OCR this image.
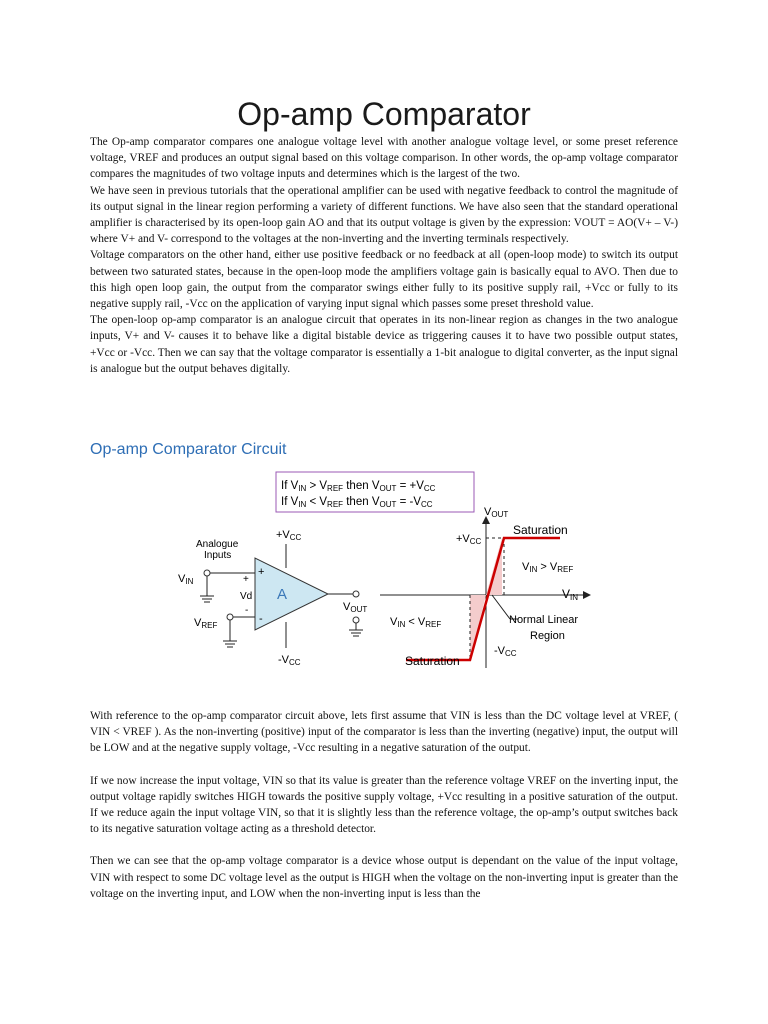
Op-amp Comparator

The Op-amp comparator compares one analogue voltage level with another analogue voltage level, or some preset reference voltage, VREF and produces an output signal based on this voltage comparison. In other words, the op-amp voltage comparator compares the magnitudes of two voltage inputs and determines which is the largest of the two.

We have seen in previous tutorials that the operational amplifier can be used with negative feedback to control the magnitude of its output signal in the linear region performing a variety of different functions. We have also seen that the standard operational amplifier is characterised by its open-loop gain AO and that its output voltage is given by the expression: VOUT = AO(V+ – V-) where V+ and V- correspond to the voltages at the non-inverting and the inverting terminals respectively.

Voltage comparators on the other hand, either use positive feedback or no feedback at all (open-loop mode) to switch its output between two saturated states, because in the open-loop mode the amplifiers voltage gain is basically equal to AVO. Then due to this high open loop gain, the output from the comparator swings either fully to its positive supply rail, +Vcc or fully to its negative supply rail, -Vcc on the application of varying input signal which passes some preset threshold value.

The open-loop op-amp comparator is an analogue circuit that operates in its non-linear region as changes in the two analogue inputs, V+ and V- causes it to behave like a digital bistable device as triggering causes it to have two possible output states, +Vcc or -Vcc. Then we can say that the voltage comparator is essentially a 1-bit analogue to digital converter, as the input signal is analogue but the output behaves digitally.

Op-amp Comparator Circuit

With reference to the op-amp comparator circuit above, lets first assume that VIN is less than the DC voltage level at VREF, ( VIN < VREF ). As the non-inverting (positive) input of the comparator is less than the inverting (negative) input, the output will be LOW and at the negative supply voltage, -Vcc resulting in a negative saturation of the output.

If we now increase the input voltage, VIN so that its value is greater than the reference voltage VREF on the inverting input, the output voltage rapidly switches HIGH towards the positive supply voltage, +Vcc resulting in a positive saturation of the output. If we reduce again the input voltage VIN, so that it is slightly less than the reference voltage, the op-amp’s output switches back to its negative saturation voltage acting as a threshold detector.

Then we can see that the op-amp voltage comparator is a device whose output is dependant on the value of the input voltage, VIN with respect to some DC voltage level as the output is HIGH when the voltage on the non-inverting input is greater than the voltage on the inverting input, and LOW when the non-inverting input is less than the

If VIN > VREF then VOUT = +VCC
If VIN < VREF then VOUT = -VCC
Analogue
Inputs
+VCC
-VCC
A
+
-
VIN	+
Vd
-
VREF
VOUT
VOUT
Saturation
+VCC
VIN > VREF
VIN
VIN < VREF	Normal Linear
Region
-VCC
Saturation
